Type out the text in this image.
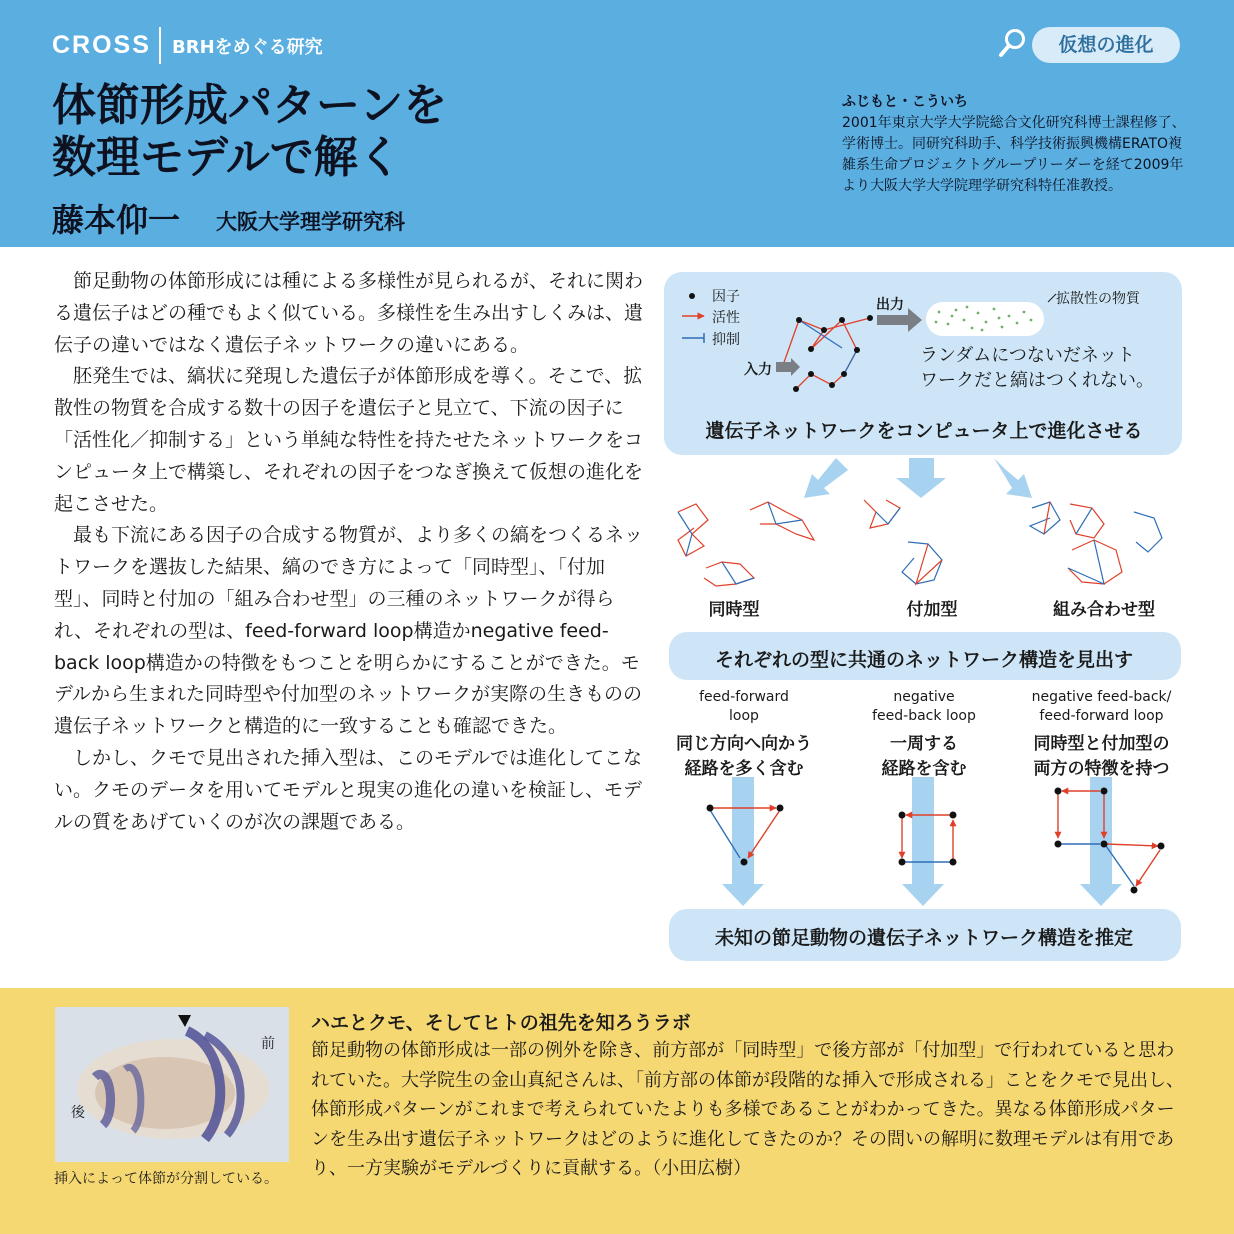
CROSS BRHをめぐる研究	仮想の進化
体節形成パターンを
数理モデルで解く
藤本仰一 大阪大学理学研究科
ふじもと・こういち
2001年東京大学大学院総合文化研究科博士課程修了、学術博士。同研究科助手、科学技術振興機構ERATO複雑系生命プロジェクトグループリーダーを経て2009年より大阪大学大学院理学研究科特任准教授。

節足動物の体節形成には種による多様性が見られるが、それに関わる遺伝子はどの種でもよく似ている。多様性を生み出すしくみは、遺伝子の違いではなく遺伝子ネットワークの違いにある。

胚発生では、縞状に発現した遺伝子が体節形成を導く。そこで、拡散性の物質を合成する数十の因子を遺伝子と見立て、下流の因子に「活性化／抑制する」という単純な特性を持たせたネットワークをコンピュータ上で構築し、それぞれの因子をつなぎ換えて仮想の進化を起こさせた。

最も下流にある因子の合成する物質が、より多くの縞をつくるネットワークを選抜した結果、縞のでき方によって「同時型」、「付加型」、同時と付加の「組み合わせ型」の三種のネットワークが得られ、それぞれの型は、feed-forward loop構造かnegative feed-back loop構造かの特徴をもつことを明らかにすることができた。モデルから生まれた同時型や付加型のネットワークが実際の生きものの遺伝子ネットワークと構造的に一致することも確認できた。

しかし、クモで見出された挿入型は、このモデルでは進化してこない。クモのデータを用いてモデルと現実の進化の違いを検証し、モデルの質をあげていくのが次の課題である。

因子
活性
抑制
出力
入力
拡散性の物質
ランダムにつないだネット
ワークだと縞はつくれない。
遺伝子ネットワークをコンピュータ上で進化させる
同時型	付加型	組み合わせ型
それぞれの型に共通のネットワーク構造を見出す
feed-forward
loop
同じ方向へ向かう
経路を多く含む
negative
feed-back loop
一周する
経路を含む
negative feed-back/
feed-forward loop
同時型と付加型の
両方の特徴を持つ
未知の節足動物の遺伝子ネットワーク構造を推定
前
後
挿入によって体節が分割している。
ハエとクモ、そしてヒトの祖先を知ろうラボ
節足動物の体節形成は一部の例外を除き、前方部が「同時型」で後方部が「付加型」で行われていると思われていた。大学院生の金山真紀さんは、「前方部の体節が段階的な挿入で形成される」ことをクモで見出し、体節形成パターンがこれまで考えられていたよりも多様であることがわかってきた。異なる体節形成パターンを生み出す遺伝子ネットワークはどのように進化してきたのか？その問いの解明に数理モデルは有用であり、一方実験がモデルづくりに貢献する。（小田広樹）
